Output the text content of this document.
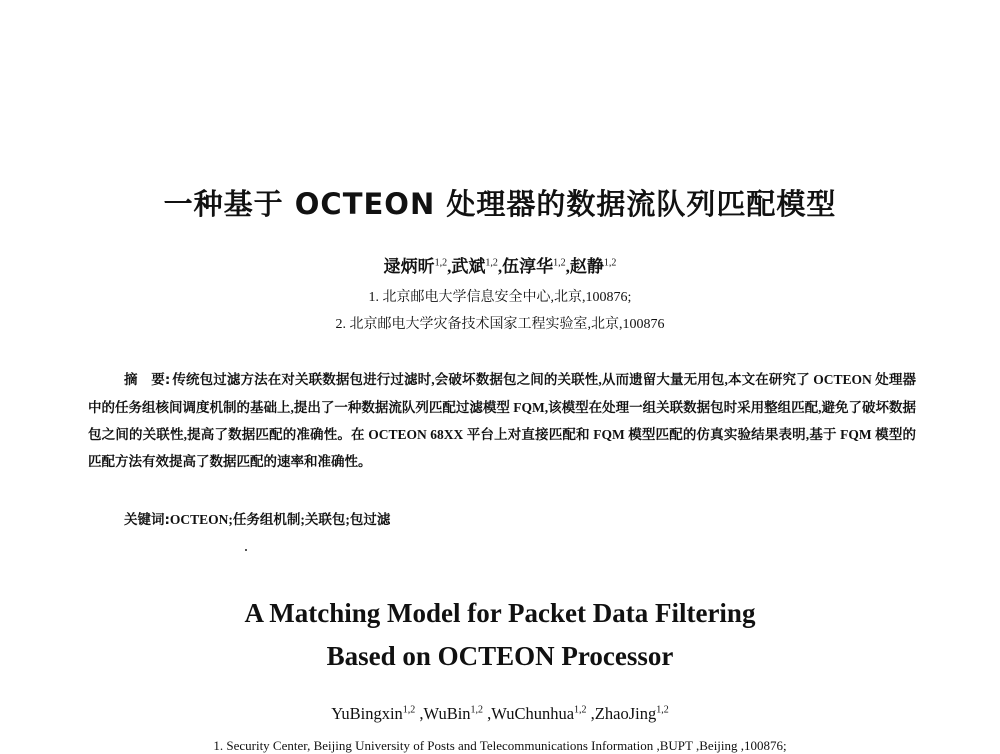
一种基于 OCTEON 处理器的数据流队列匹配模型
逯炳昕$^{1,2}$,武斌$^{1,2}$,伍淳华$^{1,2}$,赵静$^{1,2}$
1. 北京邮电大学信息安全中心,北京,100876;
2. 北京邮电大学灾备技术国家工程实验室,北京,100876
摘　要: 传统包过滤方法在对关联数据包进行过滤时,会破坏数据包之间的关联性,从而遗留大量无用包,本文在研究了 OCTEON 处理器中的任务组核间调度机制的基础上,提出了一种数据流队列匹配过滤模型 FQM,该模型在处理一组关联数据包时采用整组匹配,避免了破坏数据包之间的关联性,提高了数据匹配的准确性。在 OCTEON 68XX 平台上对直接匹配和 FQM 模型匹配的仿真实验结果表明,基于 FQM 模型的匹配方法有效提高了数据匹配的速率和准确性。
关键词:OCTEON;任务组机制;关联包;包过滤
A Matching Model for Packet Data Filtering
Based on OCTEON Processor
YuBingxin$^{1,2}$ ,WuBin$^{1,2}$ ,WuChunhua$^{1,2}$ ,ZhaoJing$^{1,2}$
1. Security Center, Beijing University of Posts and Telecommunications Information ,BUPT ,Beijing ,100876;
